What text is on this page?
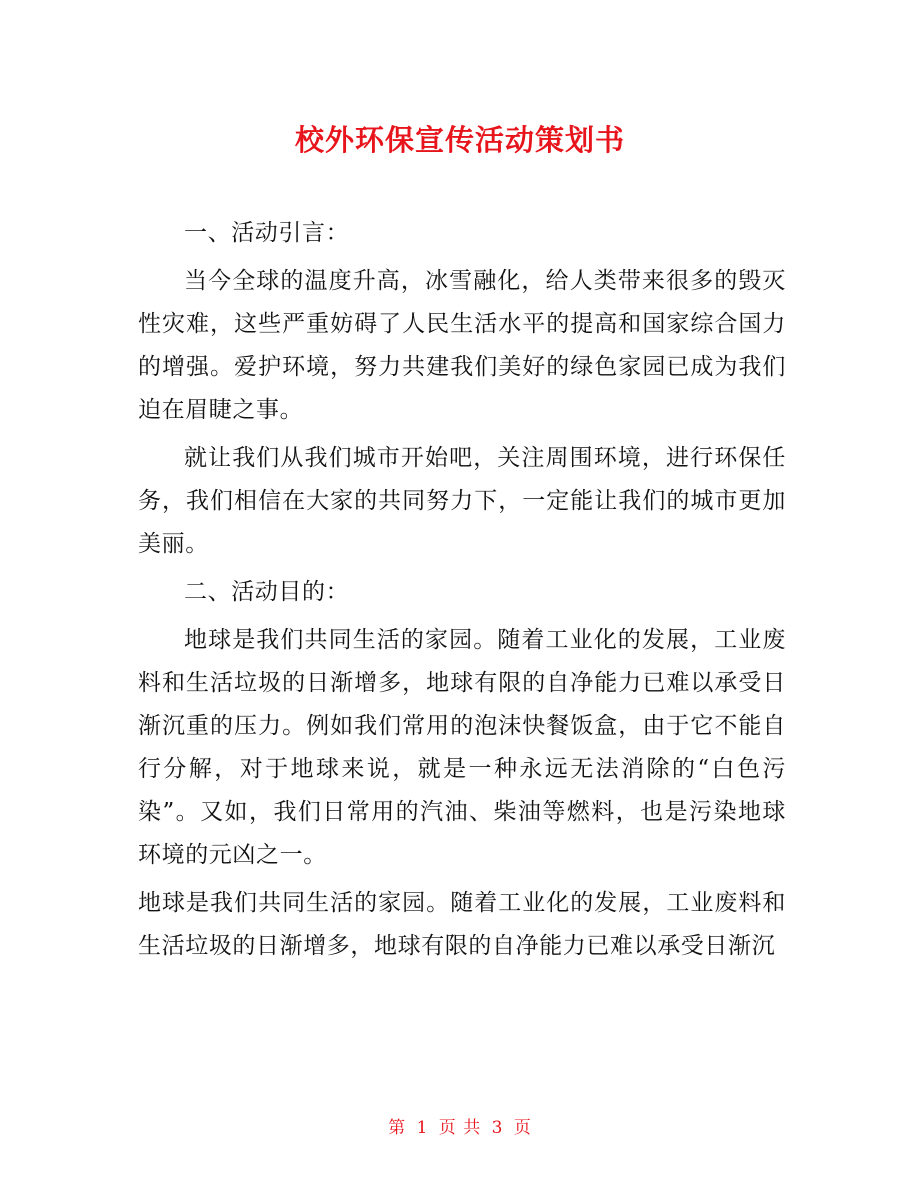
校外环保宣传活动策划书

一、活动引言：

当今全球的温度升高，冰雪融化，给人类带来很多的毁灭性灾难，这些严重妨碍了人民生活水平的提高和国家综合国力的增强。爱护环境，努力共建我们美好的绿色家园已成为我们迫在眉睫之事。

就让我们从我们城市开始吧，关注周围环境，进行环保任务，我们相信在大家的共同努力下，一定能让我们的城市更加美丽。

二、活动目的：

地球是我们共同生活的家园。随着工业化的发展，工业废料和生活垃圾的日渐增多，地球有限的自净能力已难以承受日渐沉重的压力。例如我们常用的泡沫快餐饭盒，由于它不能自行分解，对于地球来说，就是一种永远无法消除的“白色污染”。又如，我们日常用的汽油、柴油等燃料，也是污染地球环境的元凶之一。

地球是我们共同生活的家园。随着工业化的发展，工业废料和生活垃圾的日渐增多，地球有限的自净能力已难以承受日渐沉

第 1 页 共 3 页
